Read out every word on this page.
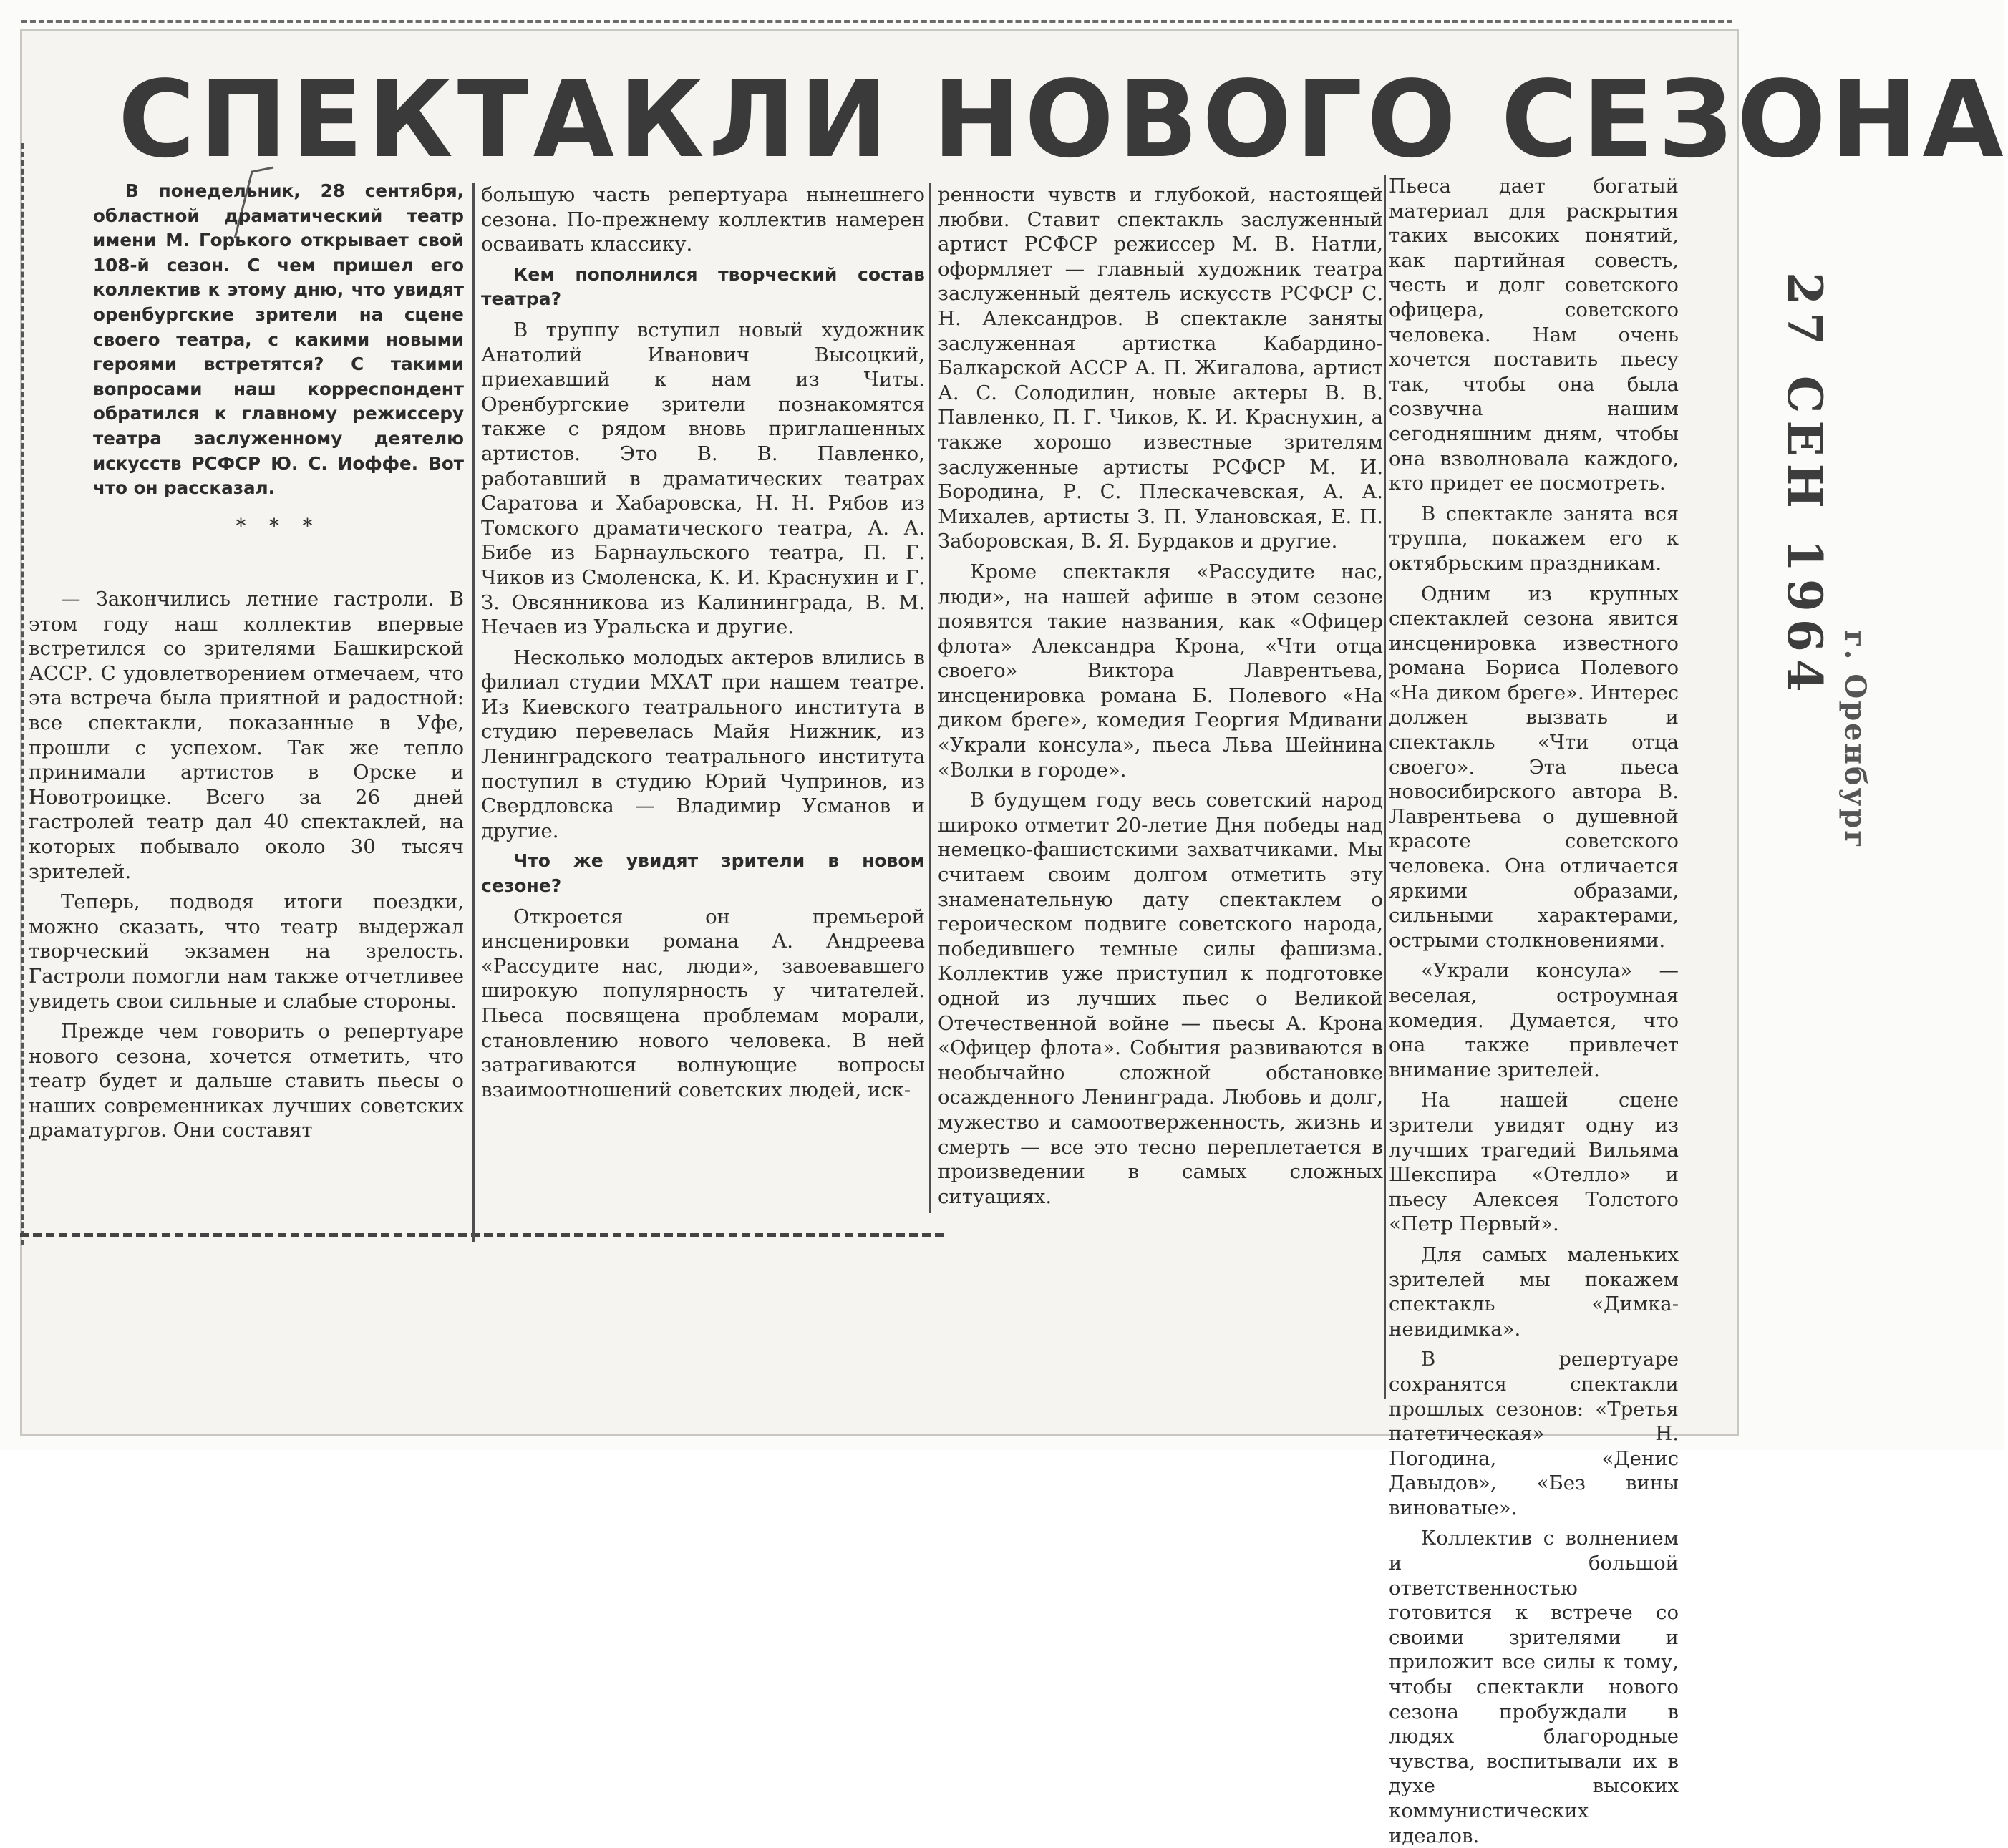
СПЕКТАКЛИ НОВОГО СЕЗОНА

В понедельник, 28 сентября, областной драматический театр имени М. Горького открывает свой 108-й сезон. С чем пришел его коллектив к этому дню, что увидят оренбургские зрители на сцене своего театра, с какими новыми героями встретятся? С такими вопросами наш корреспондент обратился к главному режиссеру театра заслуженному деятелю искусств РСФСР Ю. С. Иоффе. Вот что он рассказал.

* * *

— Закончились летние гастроли. В этом году наш коллектив впервые встретился со зрителями Башкирской АССР. С удовлетворением отмечаем, что эта встреча была приятной и радостной: все спектакли, показанные в Уфе, прошли с успехом. Так же тепло принимали артистов в Орске и Новотроицке. Всего за 26 дней гастролей театр дал 40 спектаклей, на которых побывало около 30 тысяч зрителей.

Теперь, подводя итоги поездки, можно сказать, что театр выдержал творческий экзамен на зрелость. Гастроли помогли нам также отчетливее увидеть свои сильные и слабые стороны.

Прежде чем говорить о репертуаре нового сезона, хочется отметить, что театр будет и дальше ставить пьесы о наших современниках лучших советских драматургов. Они составят

большую часть репертуара нынешнего сезона. По-прежнему коллектив намерен осваивать классику.

Кем пополнился творческий состав театра?

В труппу вступил новый художник Анатолий Иванович Высоцкий, приехавший к нам из Читы. Оренбургские зрители познакомятся также с рядом вновь приглашенных артистов. Это В. В. Павленко, работавший в драматических театрах Саратова и Хабаровска, Н. Н. Рябов из Томского драматического театра, А. А. Бибе из Барнаульского театра, П. Г. Чиков из Смоленска, К. И. Краснухин и Г. З. Овсянникова из Калининграда, В. М. Нечаев из Уральска и другие.

Несколько молодых актеров влились в филиал студии МХАТ при нашем театре. Из Киевского театрального института в студию перевелась Майя Нижник, из Ленинградского театрального института поступил в студию Юрий Чупринов, из Свердловска — Владимир Усманов и другие.

Что же увидят зрители в новом сезоне?

Откроется он премьерой инсценировки романа А. Андреева «Рассудите нас, люди», завоевавшего широкую популярность у читателей. Пьеса посвящена проблемам морали, становлению нового человека. В ней затрагиваются волнующие вопросы взаимоотношений советских людей, иск-

ренности чувств и глубокой, настоящей любви. Ставит спектакль заслуженный артист РСФСР режиссер М. В. Натли, оформляет — главный художник театра заслуженный деятель искусств РСФСР С. Н. Александров. В спектакле заняты заслуженная артистка Кабардино-Балкарской АССР А. П. Жигалова, артист А. С. Солодилин, новые актеры В. В. Павленко, П. Г. Чиков, К. И. Краснухин, а также хорошо известные зрителям заслуженные артисты РСФСР М. И. Бородина, Р. С. Плескачевская, А. А. Михалев, артисты З. П. Улановская, Е. П. Заборовская, В. Я. Бурдаков и другие.

Кроме спектакля «Рассудите нас, люди», на нашей афише в этом сезоне появятся такие названия, как «Офицер флота» Александра Крона, «Чти отца своего» Виктора Лаврентьева, инсценировка романа Б. Полевого «На диком бреге», комедия Георгия Мдивани «Украли консула», пьеса Льва Шейнина «Волки в городе».

В будущем году весь советский народ широко отметит 20-летие Дня победы над немецко-фашистскими захватчиками. Мы считаем своим долгом отметить эту знаменательную дату спектаклем о героическом подвиге советского народа, победившего темные силы фашизма. Коллектив уже приступил к подготовке одной из лучших пьес о Великой Отечественной войне — пьесы А. Крона «Офицер флота». События развиваются в необычайно сложной обстановке осажденного Ленинграда. Любовь и долг, мужество и самоотверженность, жизнь и смерть — все это тесно переплетается в произведении в самых сложных ситуациях.

Пьеса дает богатый материал для раскрытия таких высоких понятий, как партийная совесть, честь и долг советского офицера, советского человека. Нам очень хочется поставить пьесу так, чтобы она была созвучна нашим сегодняшним дням, чтобы она взволновала каждого, кто придет ее посмотреть.

В спектакле занята вся труппа, покажем его к октябрьским праздникам.

Одним из крупных спектаклей сезона явится инсценировка известного романа Бориса Полевого «На диком бреге». Интерес должен вызвать и спектакль «Чти отца своего». Эта пьеса новосибирского автора В. Лаврентьева о душевной красоте советского человека. Она отличается яркими образами, сильными характерами, острыми столкновениями.

«Украли консула» — веселая, остроумная комедия. Думается, что она также привлечет внимание зрителей.

На нашей сцене зрители увидят одну из лучших трагедий Вильяма Шекспира «Отелло» и пьесу Алексея Толстого «Петр Первый».

Для самых маленьких зрителей мы покажем спектакль «Димка-невидимка».

В репертуаре сохранятся спектакли прошлых сезонов: «Третья патетическая» Н. Погодина, «Денис Давыдов», «Без вины виноватые».

Коллектив с волнением и большой ответственностью готовится к встрече со своими зрителями и приложит все силы к тому, чтобы спектакли нового сезона пробуждали в людях благородные чувства, воспитывали их в духе высоких коммунистических идеалов.

27 СЕН 1964
г. Оренбург
